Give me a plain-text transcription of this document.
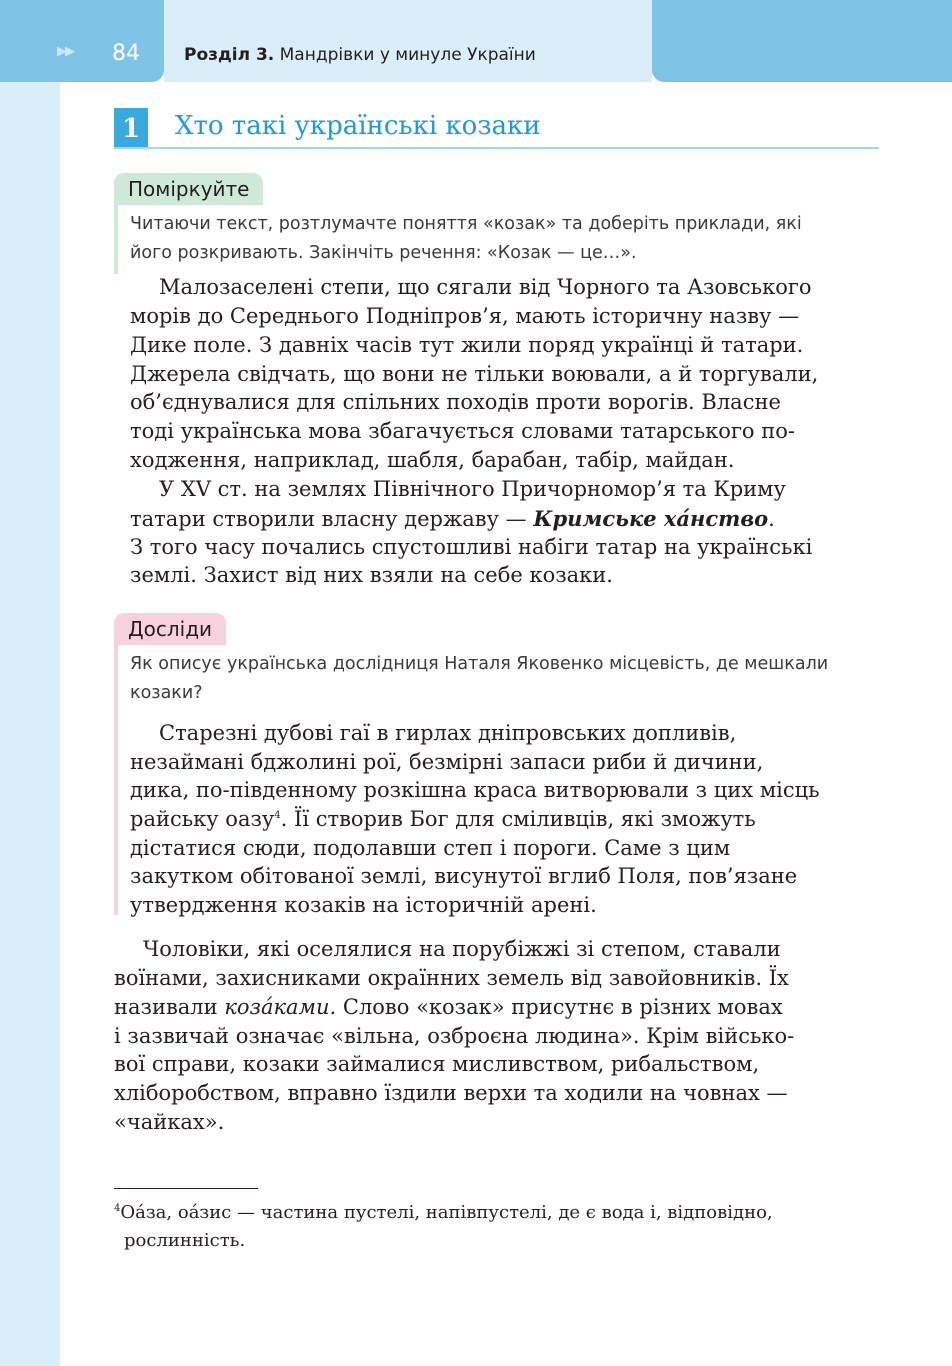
▶▶ 84	Розділ 3. Мандрівки у минуле України
1	Хто такі українські козаки
Поміркуйте
Читаючи текст, розтлумачте поняття «козак» та доберіть приклади, які
його розкривають. Закінчіть речення: «Козак — це…».
Малозаселені степи, що сягали від Чорного та Азовського
морів до Середнього Подніпров’я, мають історичну назву —
Дике поле. З давніх часів тут жили поряд українці й татари.
Джерела свідчать, що вони не тільки воювали, а й торгували,
об’єднувалися для спільних походів проти ворогів. Власне
тоді українська мова збагачується словами татарського по-
ходження, наприклад, шабля, барабан, табір, майдан.
У XV ст. на землях Північного Причорномор’я та Криму
татари створили власну державу — Кримське ха́нство.
З того часу почались спустошливі набіги татар на українські
землі. Захист від них взяли на себе козаки.
Досліди
Як описує українська дослідниця Наталя Яковенко місцевість, де мешкали
козаки?
Старезні дубові гаї в гирлах дніпровських допливів,
незаймані бджолині рої, безмірні запаси риби й дичини,
дика, по-південному розкішна краса витворювали з цих місць
райську оазу$^4$. Її створив Бог для сміливців, які зможуть
дістатися сюди, подолавши степ і пороги. Саме з цим
закутком обітованої землі, висунутої вглиб Поля, пов’язане
утвердження козаків на історичній арені.
Чоловіки, які оселялися на порубіжжі зі степом, ставали
воїнами, захисниками окраїнних земель від завойовників. Їх
називали коза́ками. Слово «козак» присутнє в різних мовах
і зазвичай означає «вільна, озброєна людина». Крім військо-
вої справи, козаки займалися мисливством, рибальством,
хліборобством, вправно їздили верхи та ходили на човнах —
«чайках».
$^4$Оа́за, оа́зис — частина пустелі, напівпустелі, де є вода і, відповідно,
рослинність.
